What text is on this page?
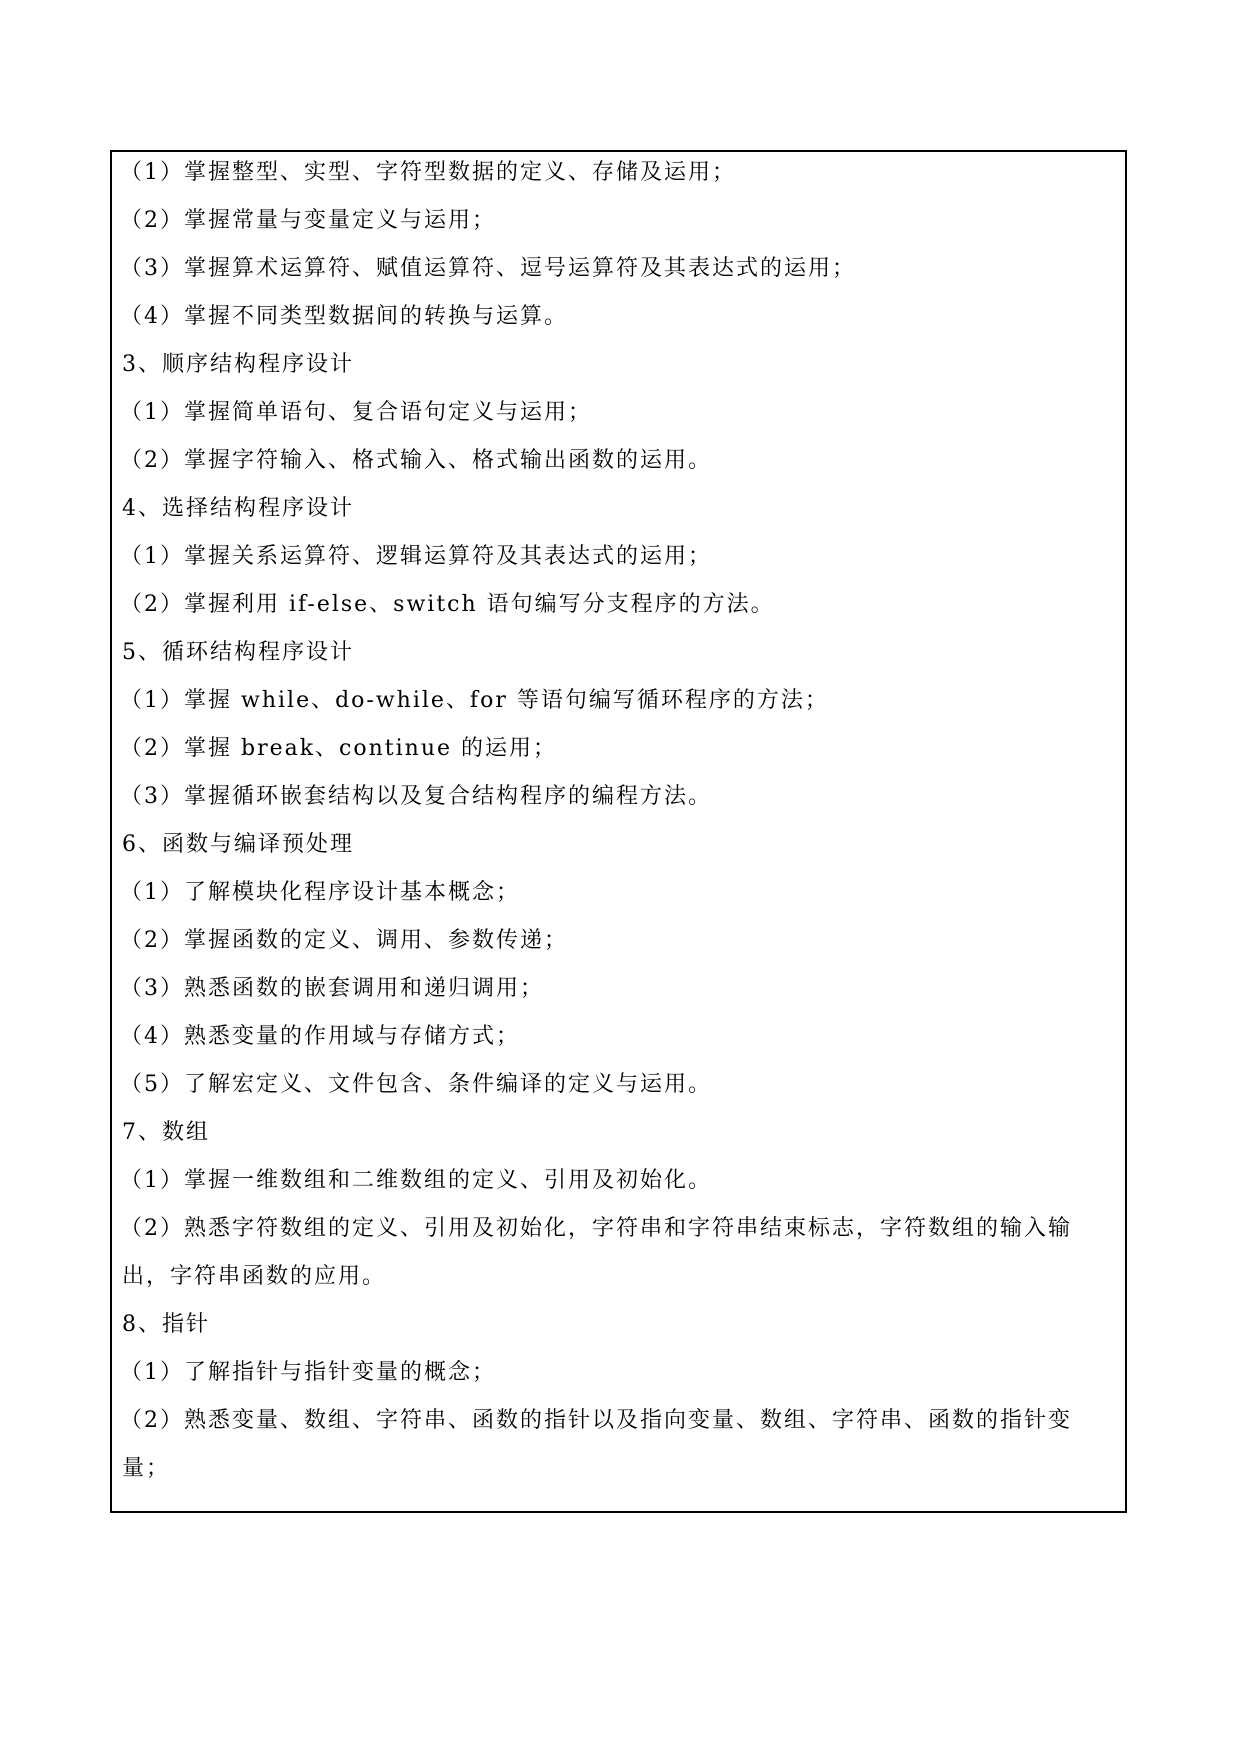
（1）掌握整型、实型、字符型数据的定义、存储及运用；
（2）掌握常量与变量定义与运用；
（3）掌握算术运算符、赋值运算符、逗号运算符及其表达式的运用；
（4）掌握不同类型数据间的转换与运算。
3、顺序结构程序设计
（1）掌握简单语句、复合语句定义与运用；
（2）掌握字符输入、格式输入、格式输出函数的运用。
4、选择结构程序设计
（1）掌握关系运算符、逻辑运算符及其表达式的运用；
（2）掌握利用 if-else、switch 语句编写分支程序的方法。
5、循环结构程序设计
（1）掌握 while、do-while、for 等语句编写循环程序的方法；
（2）掌握 break、continue 的运用；
（3）掌握循环嵌套结构以及复合结构程序的编程方法。
6、函数与编译预处理
（1）了解模块化程序设计基本概念；
（2）掌握函数的定义、调用、参数传递；
（3）熟悉函数的嵌套调用和递归调用；
（4）熟悉变量的作用域与存储方式；
（5）了解宏定义、文件包含、条件编译的定义与运用。
7、数组
（1）掌握一维数组和二维数组的定义、引用及初始化。
（2）熟悉字符数组的定义、引用及初始化，字符串和字符串结束标志，字符数组的输入输
出，字符串函数的应用。
8、指针
（1）了解指针与指针变量的概念；
（2）熟悉变量、数组、字符串、函数的指针以及指向变量、数组、字符串、函数的指针变
量；
